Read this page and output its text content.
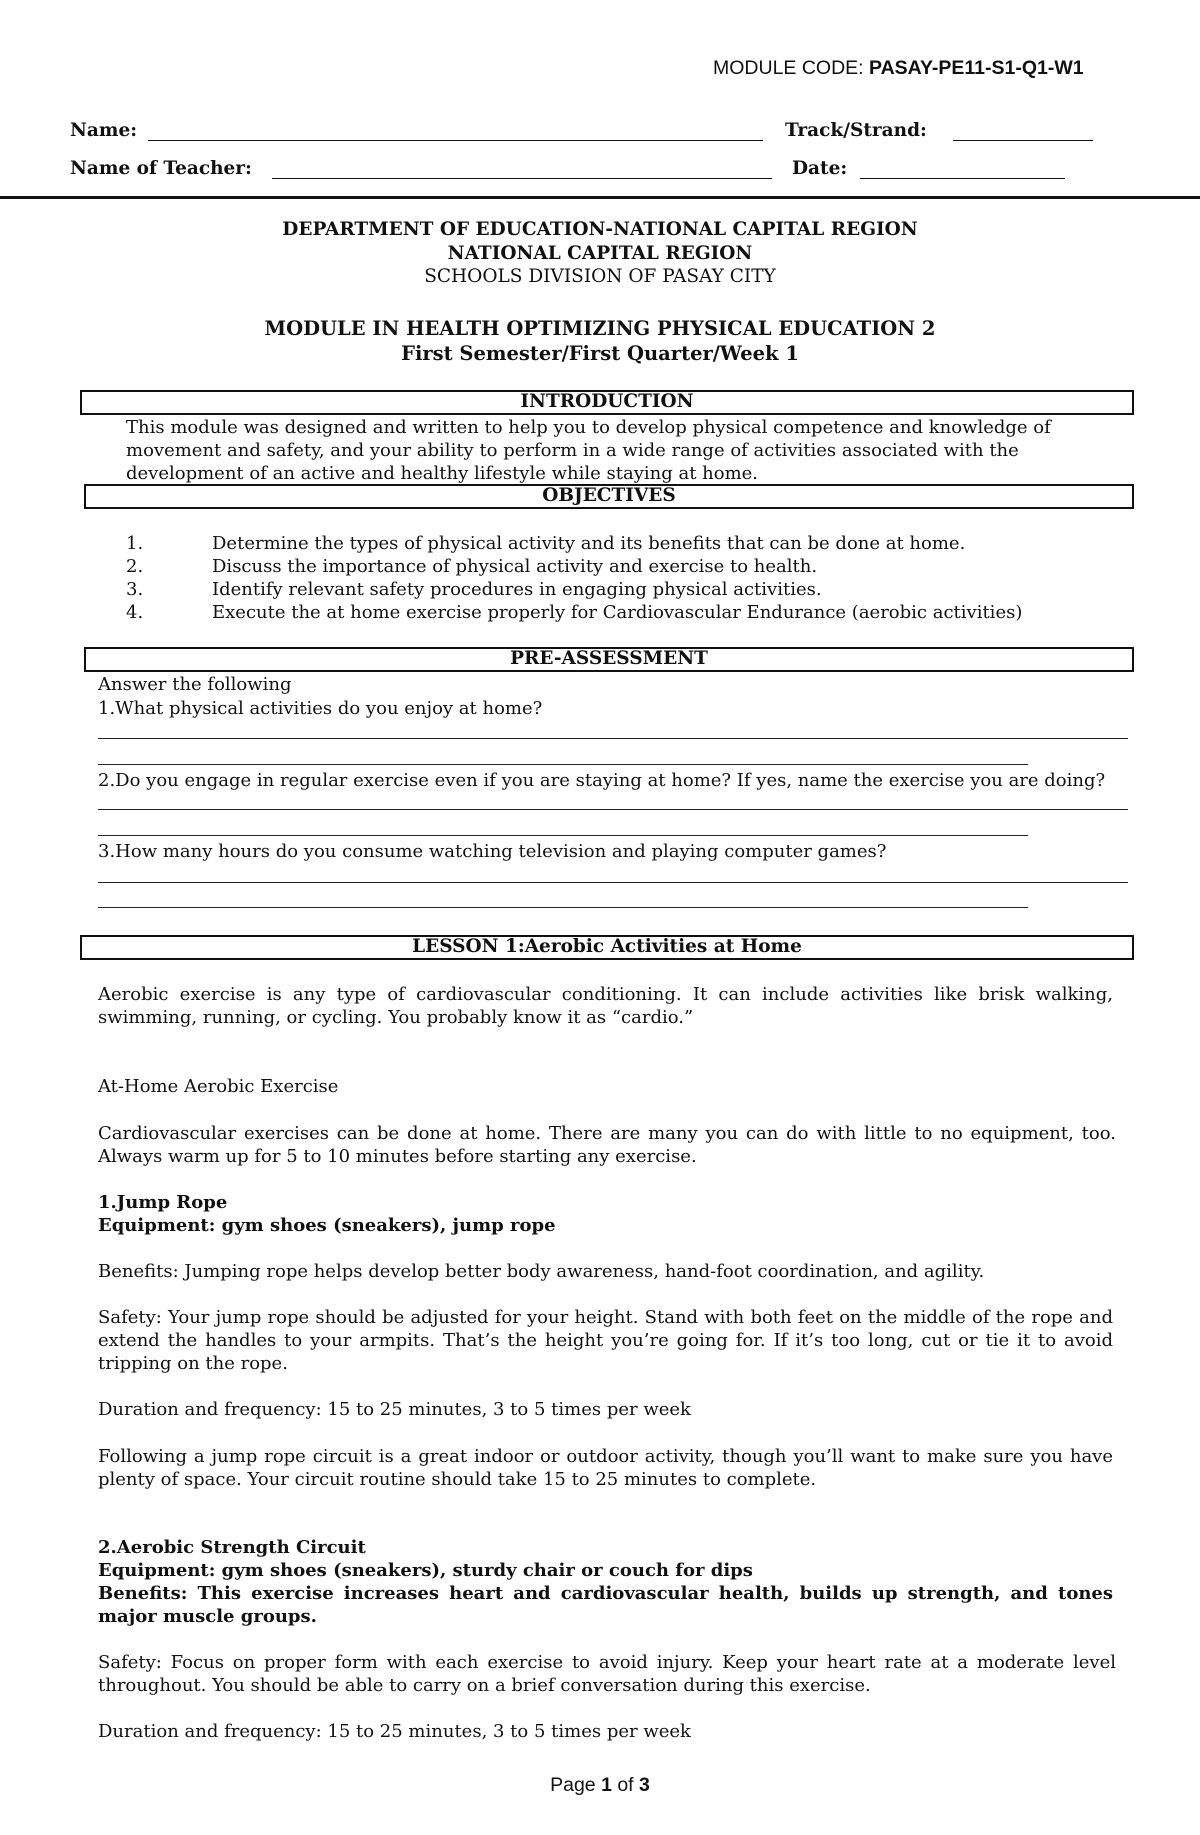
MODULE CODE: PASAY-PE11-S1-Q1-W1
Name:	Track/Strand:
Name of Teacher:	Date:
DEPARTMENT OF EDUCATION-NATIONAL CAPITAL REGION
NATIONAL CAPITAL REGION
SCHOOLS DIVISION OF PASAY CITY
MODULE IN HEALTH OPTIMIZING PHYSICAL EDUCATION 2
First Semester/First Quarter/Week 1
INTRODUCTION
This module was designed and written to help you to develop physical competence and knowledge of movement and safety, and your ability to perform in a wide range of activities associated with the development of an active and healthy lifestyle while staying at home.
OBJECTIVES
1.	Determine the types of physical activity and its benefits that can be done at home.
2.	Discuss the importance of physical activity and exercise to health.
3.	Identify relevant safety procedures in engaging physical activities.
4.	Execute the at home exercise properly for Cardiovascular Endurance (aerobic activities)
PRE-ASSESSMENT
Answer the following
1.What physical activities do you enjoy at home?
2.Do you engage in regular exercise even if you are staying at home? If yes, name the exercise you are doing?
3.How many hours do you consume watching television and playing computer games?
LESSON 1:Aerobic Activities at Home
Aerobic exercise is any type of cardiovascular conditioning. It can include activities like brisk walking, swimming, running, or cycling. You probably know it as “cardio.”
At-Home Aerobic Exercise
Cardiovascular exercises can be done at home. There are many you can do with little to no equipment, too. Always warm up for 5 to 10 minutes before starting any exercise.
1.Jump Rope
Equipment: gym shoes (sneakers), jump rope
Benefits: Jumping rope helps develop better body awareness, hand-foot coordination, and agility.
Safety: Your jump rope should be adjusted for your height. Stand with both feet on the middle of the rope and extend the handles to your armpits. That’s the height you’re going for. If it’s too long, cut or tie it to avoid tripping on the rope.
Duration and frequency: 15 to 25 minutes, 3 to 5 times per week
Following a jump rope circuit is a great indoor or outdoor activity, though you’ll want to make sure you have plenty of space. Your circuit routine should take 15 to 25 minutes to complete.
2.Aerobic Strength Circuit
Equipment: gym shoes (sneakers), sturdy chair or couch for dips
Benefits: This exercise increases heart and cardiovascular health, builds up strength, and tones major muscle groups.
Safety: Focus on proper form with each exercise to avoid injury. Keep your heart rate at a moderate level throughout. You should be able to carry on a brief conversation during this exercise.
Duration and frequency: 15 to 25 minutes, 3 to 5 times per week
Page 1 of 3
